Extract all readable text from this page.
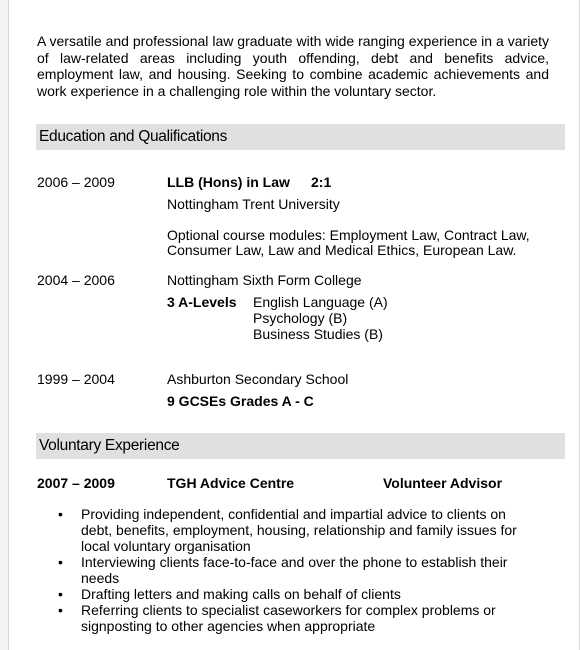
A versatile and professional law graduate with wide ranging experience in a variety of law-related areas including youth offending, debt and benefits advice, employment law, and housing. Seeking to combine academic achievements and work experience in a challenging role within the voluntary sector.
Education and Qualifications
2006 – 2009	LLB (Hons) in Law 2:1
Nottingham Trent University
Optional course modules: Employment Law, Contract Law,
Consumer Law, Law and Medical Ethics, European Law.
2004 – 2006	Nottingham Sixth Form College
3 A-Levels English Language (A)
Psychology (B)
Business Studies (B)
1999 – 2004	Ashburton Secondary School
9 GCSEs Grades A - C
Voluntary Experience
2007 – 2009	TGH Advice Centre	Volunteer Advisor
• Providing independent, confidential and impartial advice to clients on debt, benefits, employment, housing, relationship and family issues for local voluntary organisation
• Interviewing clients face-to-face and over the phone to establish their needs
• Drafting letters and making calls on behalf of clients
• Referring clients to specialist caseworkers for complex problems or signposting to other agencies when appropriate
